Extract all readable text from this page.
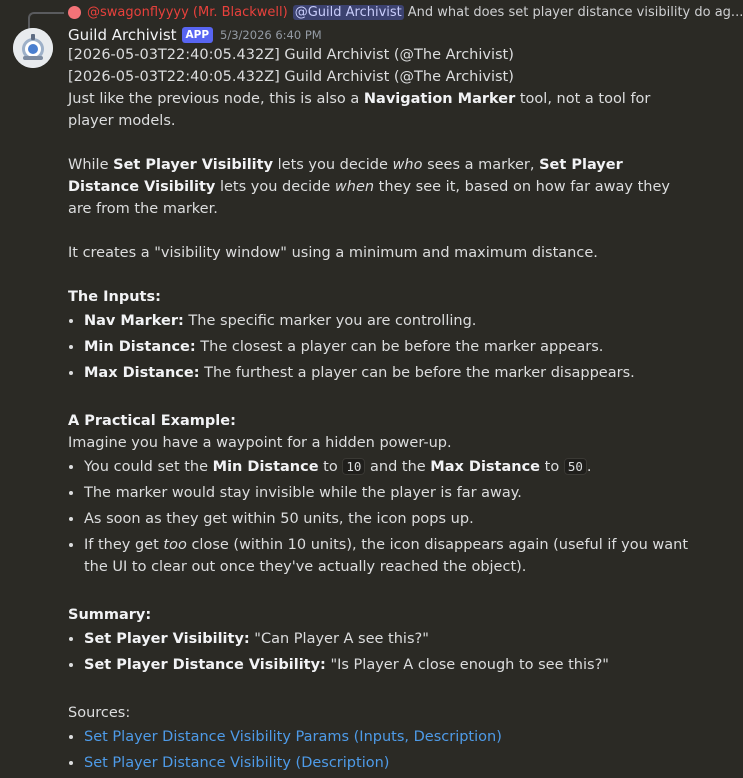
@swagonflyyyy (Mr. Blackwell) @Guild Archivist And what does set player distance visibility do ag...
Guild Archivist APP 5/3/2026 6:40 PM

[2026-05-03T22:40:05.432Z] Guild Archivist (@The Archivist)

[2026-05-03T22:40:05.432Z] Guild Archivist (@The Archivist)

Just like the previous node, this is also a Navigation Marker tool, not a tool for player models.

While Set Player Visibility lets you decide who sees a marker, Set Player Distance Visibility lets you decide when they see it, based on how far away they are from the marker.

It creates a "visibility window" using a minimum and maximum distance.

The Inputs:

• Nav Marker: The specific marker you are controlling.
• Min Distance: The closest a player can be before the marker appears.
• Max Distance: The furthest a player can be before the marker disappears.

A Practical Example:

Imagine you have a waypoint for a hidden power-up.

• You could set the Min Distance to 10 and the Max Distance to 50 .
• The marker would stay invisible while the player is far away.
• As soon as they get within 50 units, the icon pops up.
• If they get too close (within 10 units), the icon disappears again (useful if you want the UI to clear out once they've actually reached the object).

Summary:

• Set Player Visibility: "Can Player A see this?"
• Set Player Distance Visibility: "Is Player A close enough to see this?"

Sources:

• Set Player Distance Visibility Params (Inputs, Description)
• Set Player Distance Visibility (Description)
